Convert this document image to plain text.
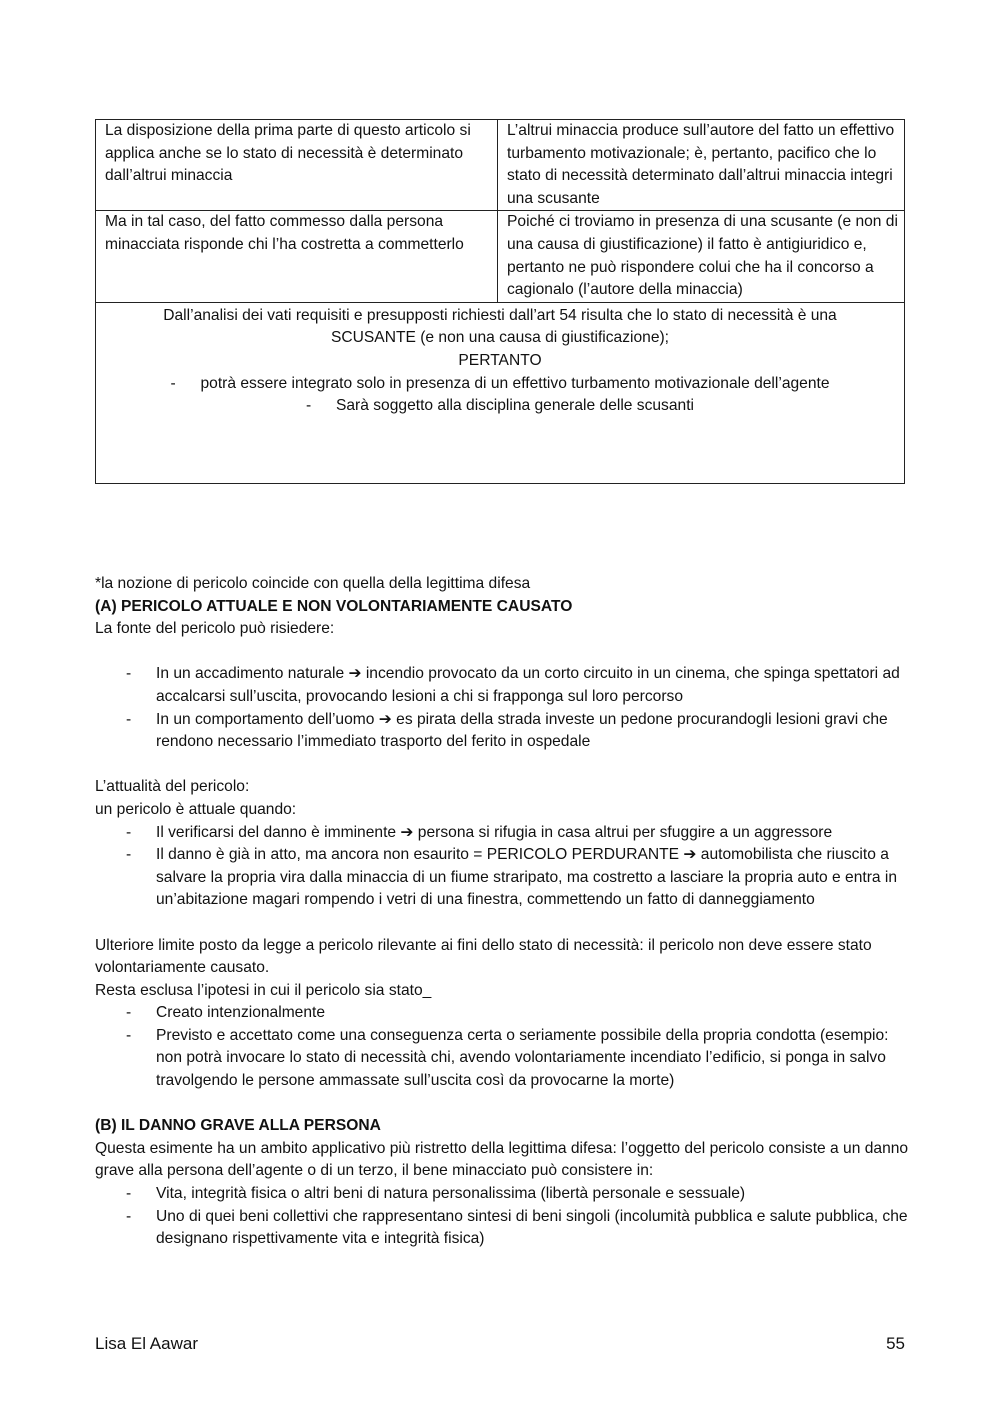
La disposizione della prima parte di questo articolo si applica anche se lo stato di necessità è determinato dall’altrui minaccia	L’altrui minaccia produce sull’autore del fatto un effettivo turbamento motivazionale; è, pertanto, pacifico che lo stato di necessità determinato dall’altrui minaccia integri una scusante
Ma in tal caso, del fatto commesso dalla persona minacciata risponde chi l’ha costretta a commetterlo	Poiché ci troviamo in presenza di una scusante (e non di una causa di giustificazione) il fatto è antigiuridico e, pertanto ne può rispondere colui che ha il concorso a cagionalo (l’autore della minaccia)

Dall’analisi dei vati requisiti e presupposti richiesti dall’art 54 risulta che lo stato di necessità è una
SCUSANTE (e non una causa di giustificazione);
PERTANTO
- potrà essere integrato solo in presenza di un effettivo turbamento motivazionale dell’agente
- Sarà soggetto alla disciplina generale delle scusanti	
*la nozione di pericolo coincide con quella della legittima difesa
(A) PERICOLO ATTUALE E NON VOLONTARIAMENTE CAUSATO
La fonte del pericolo può risiedere:
- In un accadimento naturale ➔ incendio provocato da un corto circuito in un cinema, che spinga spettatori ad accalcarsi sull’uscita, provocando lesioni a chi si frapponga sul loro percorso
- In un comportamento dell’uomo ➔ es pirata della strada investe un pedone procurandogli lesioni gravi che rendono necessario l’immediato trasporto del ferito in ospedale
L’attualità del pericolo:
un pericolo è attuale quando:
- Il verificarsi del danno è imminente ➔ persona si rifugia in casa altrui per sfuggire a un aggressore
- Il danno è già in atto, ma ancora non esaurito = PERICOLO PERDURANTE ➔ automobilista che riuscito a salvare la propria vira dalla minaccia di un fiume straripato, ma costretto a lasciare la propria auto e entra in un’abitazione magari rompendo i vetri di una finestra, commettendo un fatto di danneggiamento
Ulteriore limite posto da legge a pericolo rilevante ai fini dello stato di necessità: il pericolo non deve essere stato volontariamente causato.
Resta esclusa l’ipotesi in cui il pericolo sia stato_
- Creato intenzionalmente
- Previsto e accettato come una conseguenza certa o seriamente possibile della propria condotta (esempio: non potrà invocare lo stato di necessità chi, avendo volontariamente incendiato l’edificio, si ponga in salvo travolgendo le persone ammassate sull’uscita così da provocarne la morte)
(B) IL DANNO GRAVE ALLA PERSONA
Questa esimente ha un ambito applicativo più ristretto della legittima difesa: l’oggetto del pericolo consiste a un danno grave alla persona dell’agente o di un terzo, il bene minacciato può consistere in:
- Vita, integrità fisica o altri beni di natura personalissima (libertà personale e sessuale)
- Uno di quei beni collettivi che rappresentano sintesi di beni singoli (incolumità pubblica e salute pubblica, che designano rispettivamente vita e integrità fisica)
Lisa El Aawar	55
